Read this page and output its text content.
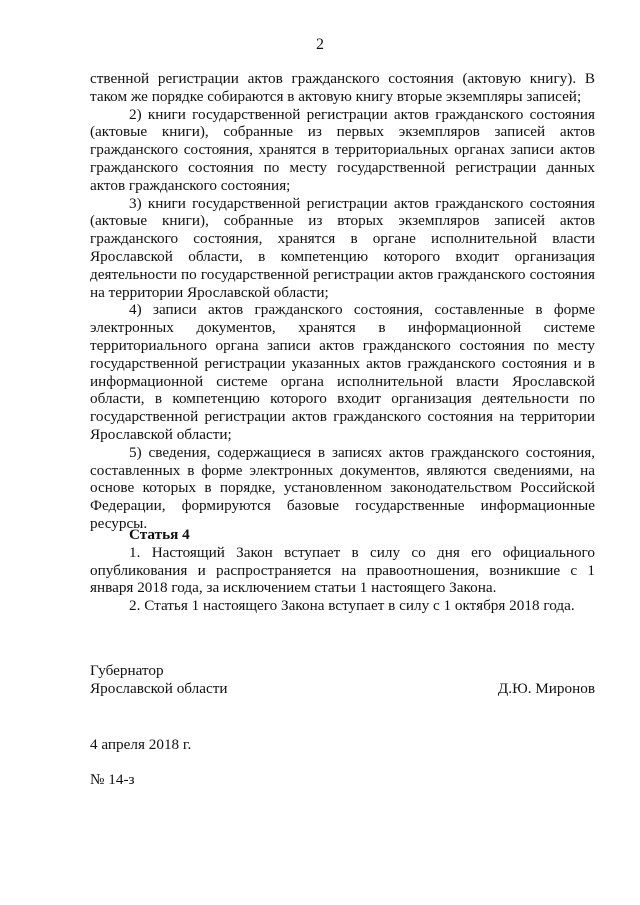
2

ственной регистрации актов гражданского состояния (актовую книгу). В таком же порядке собираются в актовую книгу вторые экземпляры записей;

2) книги государственной регистрации актов гражданского состояния (актовые книги), собранные из первых экземпляров записей актов гражданского состояния, хранятся в территориальных органах записи актов гражданского состояния по месту государственной регистрации данных актов гражданского состояния;

3) книги государственной регистрации актов гражданского состояния (актовые книги), собранные из вторых экземпляров записей актов гражданского состояния, хранятся в органе исполнительной власти Ярославской области, в компетенцию которого входит организация деятельности по государственной регистрации актов гражданского состояния на территории Ярославской области;

4) записи актов гражданского состояния, составленные в форме электронных документов, хранятся в информационной системе территориального органа записи актов гражданского состояния по месту государственной регистрации указанных актов гражданского состояния и в информационной системе органа исполнительной власти Ярославской области, в компетенцию которого входит организация деятельности по государственной регистрации актов гражданского состояния на территории Ярославской области;

5) сведения, содержащиеся в записях актов гражданского состояния, составленных в форме электронных документов, являются сведениями, на основе которых в порядке, установленном законодательством Российской Федерации, формируются базовые государственные информационные ресурсы.

Статья 4

1. Настоящий Закон вступает в силу со дня его официального опубликования и распространяется на правоотношения, возникшие с 1 января 2018 года, за исключением статьи 1 настоящего Закона.

2. Статья 1 настоящего Закона вступает в силу с 1 октября 2018 года.

Губернатор
Ярославской области	Д.Ю. Миронов
4 апреля 2018 г.
№ 14-з
